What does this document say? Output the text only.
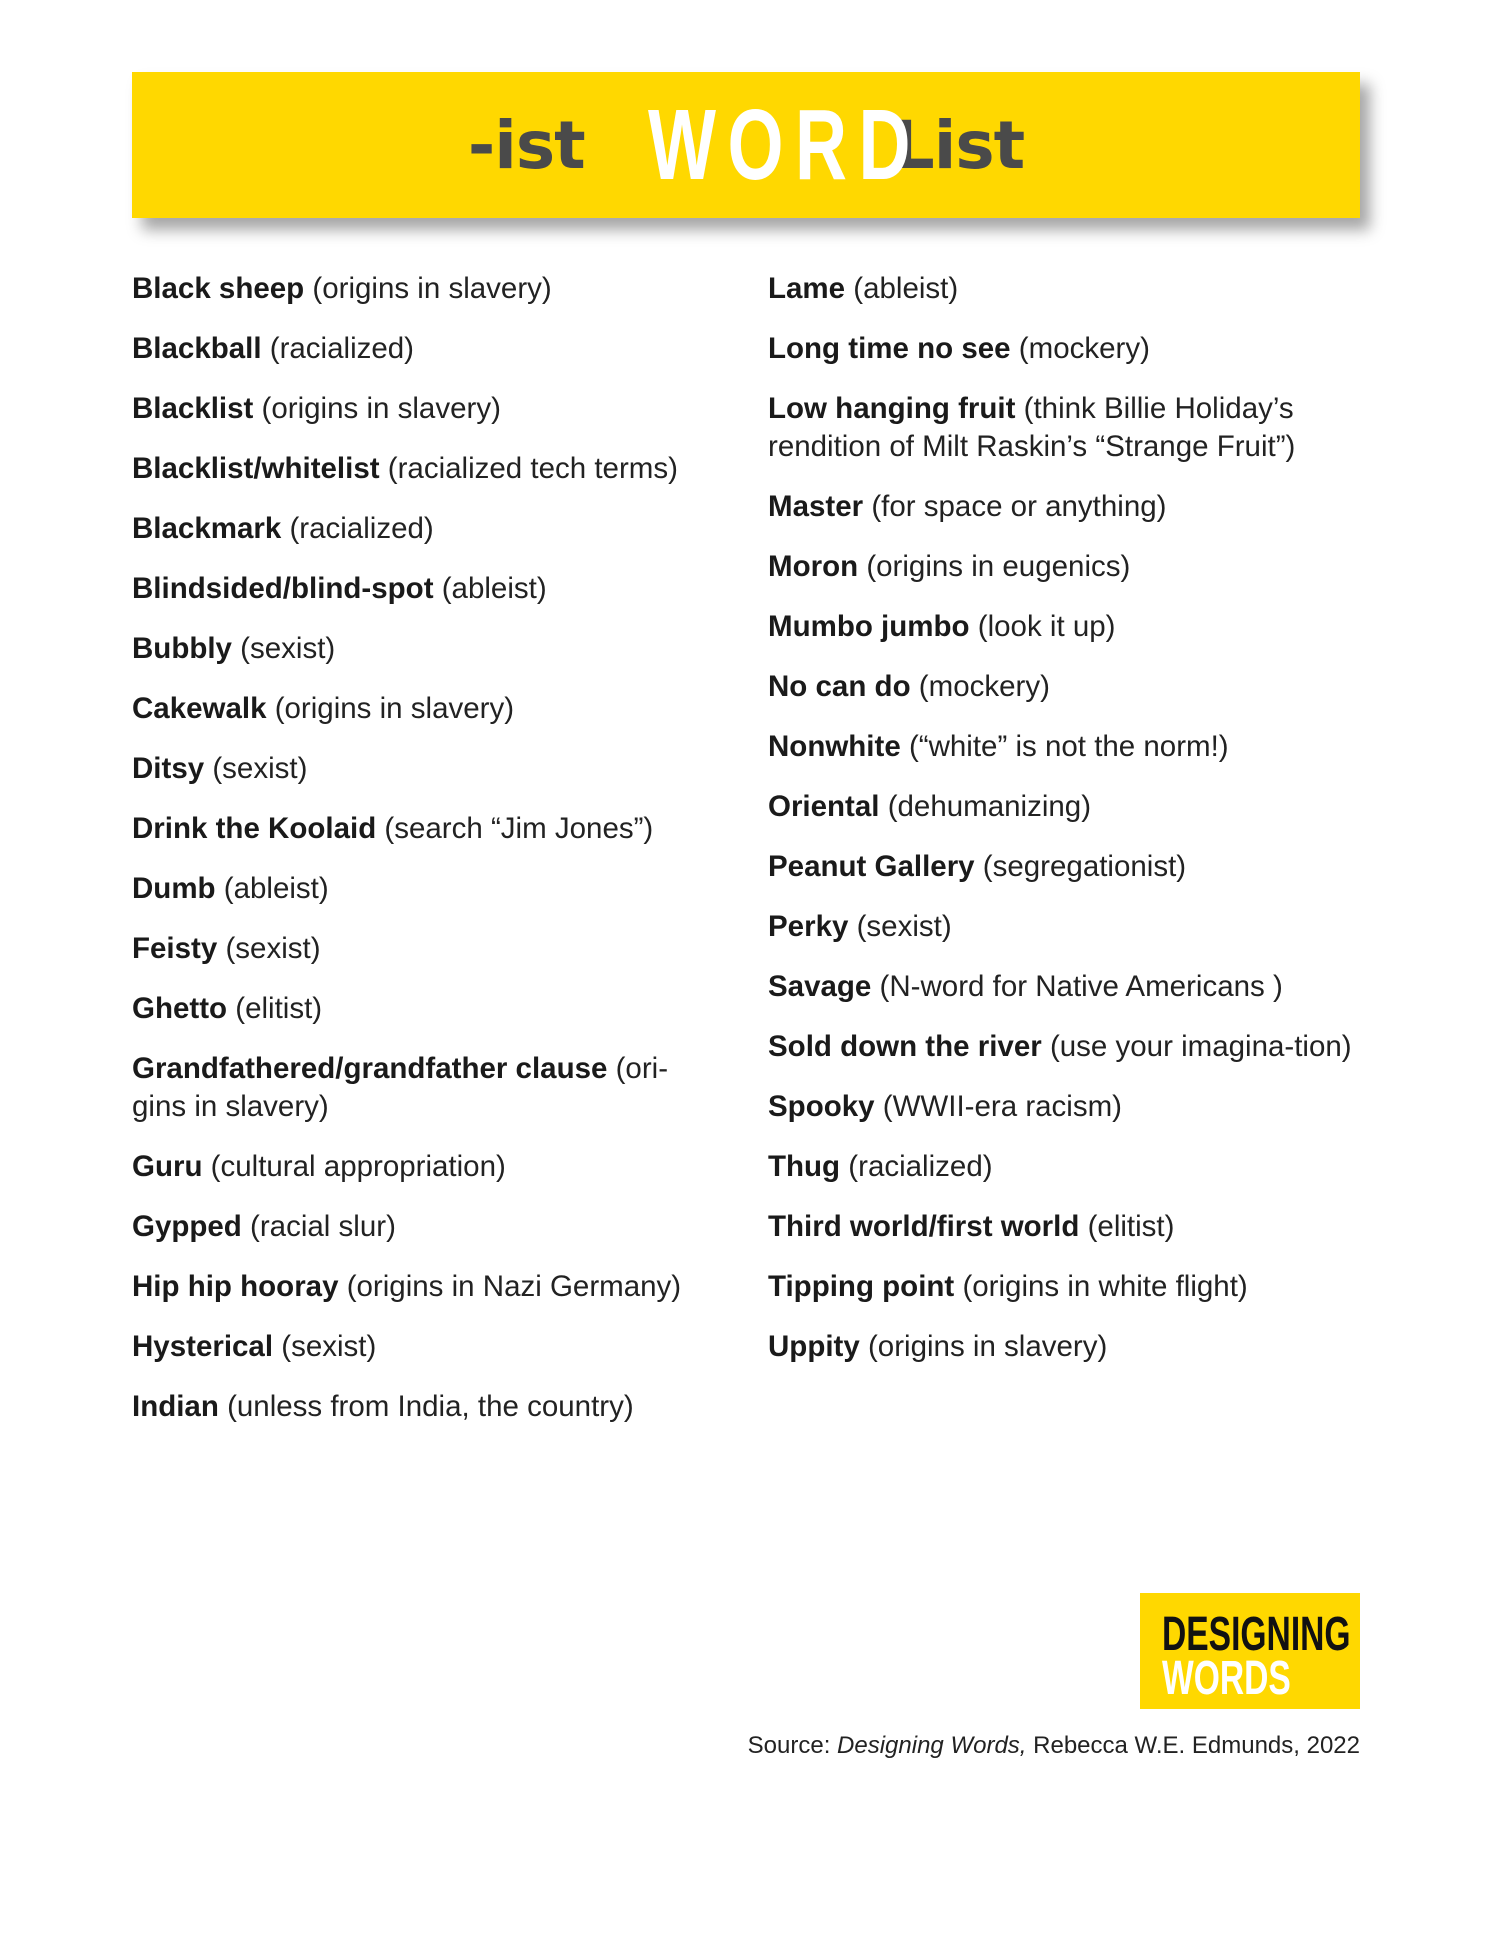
-ist WORD
List
Black sheep (origins in slavery)
Blackball (racialized)
Blacklist (origins in slavery)
Blacklist/whitelist (racialized tech terms)
Blackmark (racialized)
Blindsided/blind-spot (ableist)
Bubbly (sexist)
Cakewalk (origins in slavery)
Ditsy (sexist)
Drink the Koolaid (search “Jim Jones”)
Dumb (ableist)
Feisty (sexist)
Ghetto (elitist)
Grandfathered/grandfather clause (ori-gins in slavery)
Guru (cultural appropriation)
Gypped (racial slur)
Hip hip hooray (origins in Nazi Germany)
Hysterical (sexist)
Indian (unless from India, the country)
Lame (ableist)
Long time no see (mockery)
Low hanging fruit (think Billie Holiday’s rendition of Milt Raskin’s “Strange Fruit”)
Master (for space or anything)
Moron (origins in eugenics)
Mumbo jumbo (look it up)
No can do (mockery)
Nonwhite (“white” is not the norm!)
Oriental (dehumanizing)
Peanut Gallery (segregationist)
Perky (sexist)
Savage (N-word for Native Americans )
Sold down the river (use your imagina-tion)
Spooky (WWII-era racism)
Thug (racialized)
Third world/first world (elitist)
Tipping point (origins in white flight)
Uppity (origins in slavery)
DESIGNING
WORDS
Source: Designing Words, Rebecca W.E. Edmunds, 2022
